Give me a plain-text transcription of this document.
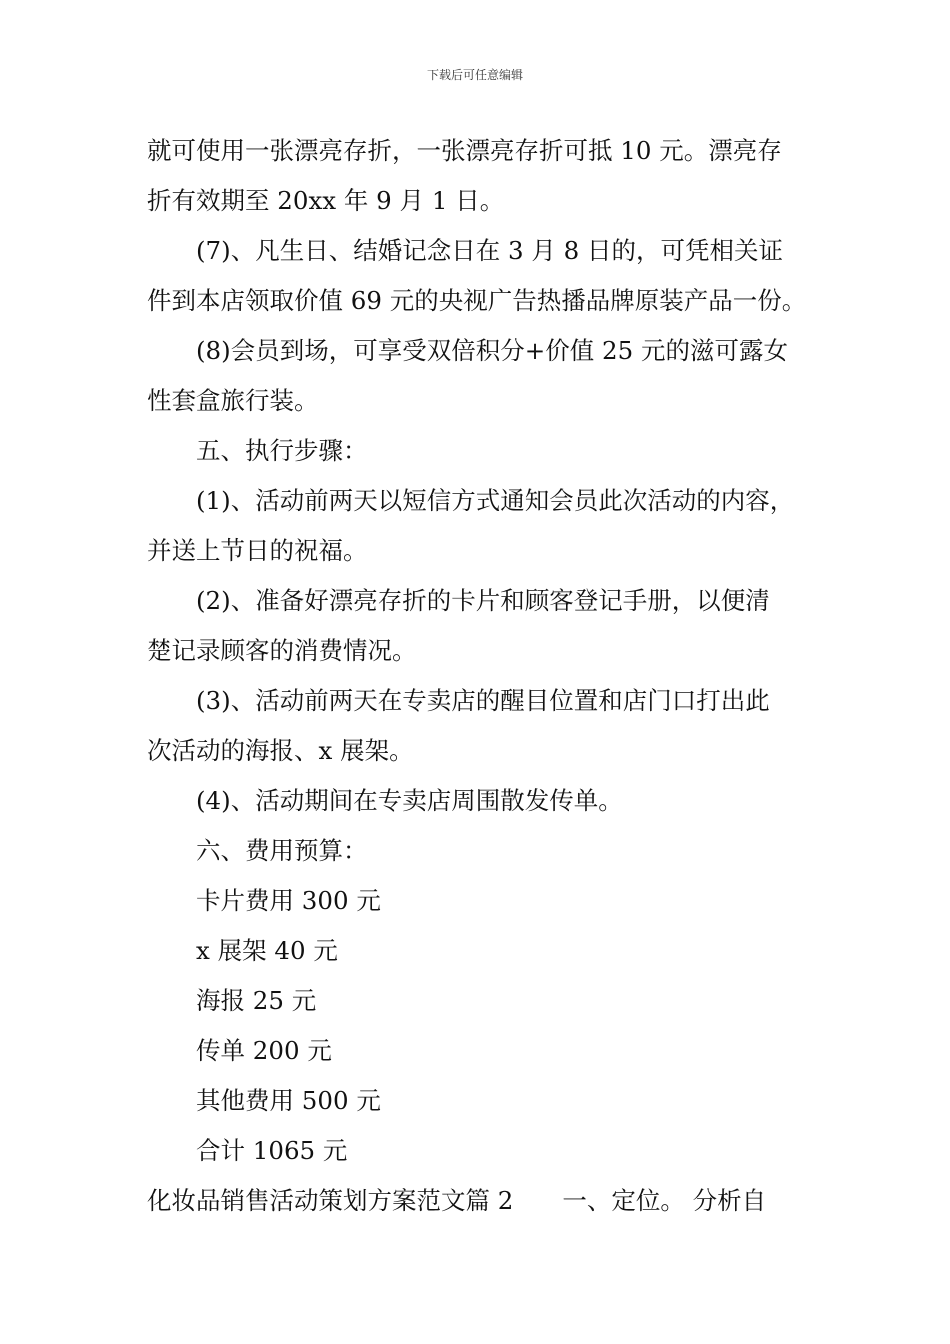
下载后可任意编辑
就可使用一张漂亮存折，一张漂亮存折可抵 10 元。漂亮存
折有效期至 20xx 年 9 月 1 日。
(7)、凡生日、结婚记念日在 3 月 8 日的，可凭相关证
件到本店领取价值 69 元的央视广告热播品牌原装产品一份。
(8)会员到场，可享受双倍积分+价值 25 元的滋可露女
性套盒旅行装。
五、执行步骤：
(1)、活动前两天以短信方式通知会员此次活动的内容，
并送上节日的祝福。
(2)、准备好漂亮存折的卡片和顾客登记手册，以便清
楚记录顾客的消费情况。
(3)、活动前两天在专卖店的醒目位置和店门口打出此
次活动的海报、x 展架。
(4)、活动期间在专卖店周围散发传单。
六、费用预算：
卡片费用 300 元
x 展架 40 元
海报 25 元
传单 200 元
其他费用 500 元
合计 1065 元
化妆品销售活动策划方案范文篇 2　　一、定位。 分析自
